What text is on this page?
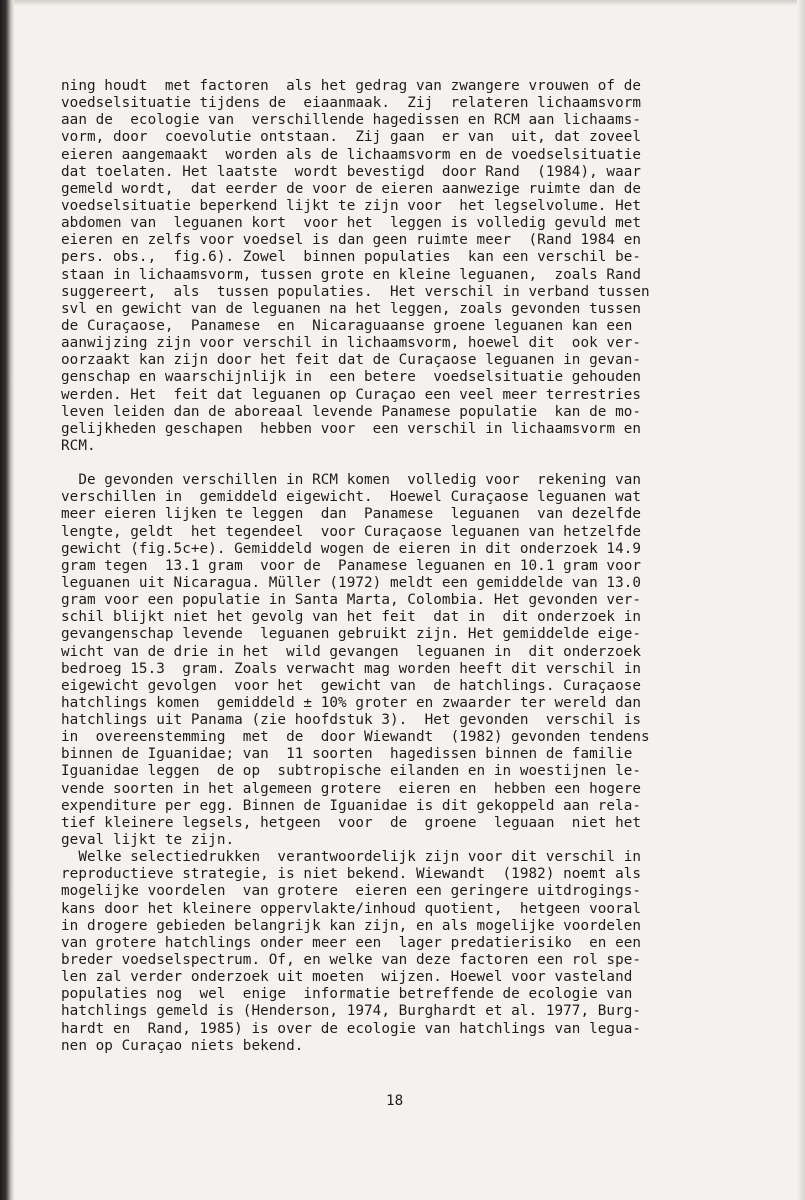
ning houdt  met factoren  als het gedrag van zwangere vrouwen of de
voedselsituatie tijdens de  eiaanmaak.  Zij  relateren lichaamsvorm
aan de  ecologie van  verschillende hagedissen en RCM aan lichaams-
vorm, door  coevolutie ontstaan.  Zij gaan  er van  uit, dat zoveel
eieren aangemaakt  worden als de lichaamsvorm en de voedselsituatie
dat toelaten. Het laatste  wordt bevestigd  door Rand  (1984), waar
gemeld wordt,  dat eerder de voor de eieren aanwezige ruimte dan de
voedselsituatie beperkend lijkt te zijn voor  het legselvolume. Het
abdomen van  leguanen kort  voor het  leggen is volledig gevuld met
eieren en zelfs voor voedsel is dan geen ruimte meer  (Rand 1984 en
pers. obs.,  fig.6). Zowel  binnen populaties  kan een verschil be-
staan in lichaamsvorm, tussen grote en kleine leguanen,  zoals Rand
suggereert,  als  tussen populaties.  Het verschil in verband tussen
svl en gewicht van de leguanen na het leggen, zoals gevonden tussen
de Curaçaose,  Panamese  en  Nicaraguaanse groene leguanen kan een
aanwijzing zijn voor verschil in lichaamsvorm, hoewel dit  ook ver-
oorzaakt kan zijn door het feit dat de Curaçaose leguanen in gevan-
genschap en waarschijnlijk in  een betere  voedselsituatie gehouden
werden. Het  feit dat leguanen op Curaçao een veel meer terrestries
leven leiden dan de aboreaal levende Panamese populatie  kan de mo-
gelijkheden geschapen  hebben voor  een verschil in lichaamsvorm en
RCM.
De gevonden verschillen in RCM komen  volledig voor  rekening van
verschillen in  gemiddeld eigewicht.  Hoewel Curaçaose leguanen wat
meer eieren lijken te leggen  dan  Panamese  leguanen  van dezelfde
lengte, geldt  het tegendeel  voor Curaçaose leguanen van hetzelfde
gewicht (fig.5c+e). Gemiddeld wogen de eieren in dit onderzoek 14.9
gram tegen  13.1 gram  voor de  Panamese leguanen en 10.1 gram voor
leguanen uit Nicaragua. Müller (1972) meldt een gemiddelde van 13.0
gram voor een populatie in Santa Marta, Colombia. Het gevonden ver-
schil blijkt niet het gevolg van het feit  dat in  dit onderzoek in
gevangenschap levende  leguanen gebruikt zijn. Het gemiddelde eige-
wicht van de drie in het  wild gevangen  leguanen in  dit onderzoek
bedroeg 15.3  gram. Zoals verwacht mag worden heeft dit verschil in
eigewicht gevolgen  voor het  gewicht van  de hatchlings. Curaçaose
hatchlings komen  gemiddeld ± 10% groter en zwaarder ter wereld dan
hatchlings uit Panama (zie hoofdstuk 3).  Het gevonden  verschil is
in  overeenstemming  met  de  door Wiewandt  (1982) gevonden tendens
binnen de Iguanidae; van  11 soorten  hagedissen binnen de familie
Iguanidae leggen  de op  subtropische eilanden en in woestijnen le-
vende soorten in het algemeen grotere  eieren en  hebben een hogere
expenditure per egg. Binnen de Iguanidae is dit gekoppeld aan rela-
tief kleinere legsels, hetgeen  voor  de  groene  leguaan  niet het
geval lijkt te zijn.
Welke selectiedrukken  verantwoordelijk zijn voor dit verschil in
reproductieve strategie, is niet bekend. Wiewandt  (1982) noemt als
mogelijke voordelen  van grotere  eieren een geringere uitdrogings-
kans door het kleinere oppervlakte/inhoud quotient,  hetgeen vooral
in drogere gebieden belangrijk kan zijn, en als mogelijke voordelen
van grotere hatchlings onder meer een  lager predatierisiko  en een
breder voedselspectrum. Of, en welke van deze factoren een rol spe-
len zal verder onderzoek uit moeten  wijzen. Hoewel voor vasteland
populaties nog  wel  enige  informatie betreffende de ecologie van
hatchlings gemeld is (Henderson, 1974, Burghardt et al. 1977, Burg-
hardt en  Rand, 1985) is over de ecologie van hatchlings van legua-
nen op Curaçao niets bekend.
18
